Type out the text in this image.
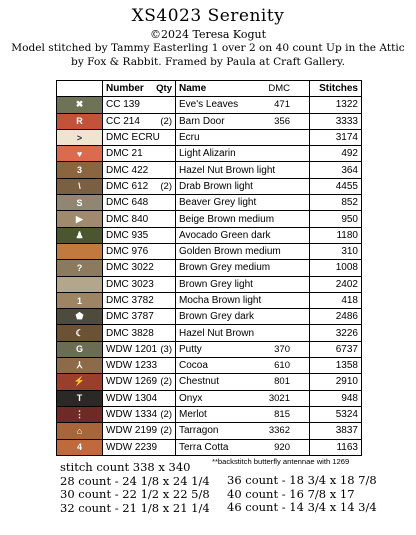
XS4023 Serenity
©2024 Teresa Kogut
Model stitched by Tammy Easterling 1 over 2 on 40 count Up in the Attic
by Fox & Rabbit. Framed by Paula at Craft Gallery.

	Number Qty	Name DMC	Stitches
✖	CC 139	Eve's Leaves 471	1322
R	CC 214 (2)	Barn Door 356	3333
>	DMC ECRU	Ecru	3174
♥	DMC 21	Light Alizarin	492
3	DMC 422	Hazel Nut Brown light	364
\	DMC 612 (2)	Drab Brown light	4455
S	DMC 648	Beaver Grey light	852
▶	DMC 840	Beige Brown medium	950
♟	DMC 935	Avocado Green dark	1180

	DMC 976	Golden Brown medium	310
?	DMC 3022	Brown Grey medium	1008

	DMC 3023	Brown Grey light	2402
1	DMC 3782	Mocha Brown light	418
⬟	DMC 3787	Brown Grey dark	2486
☾	DMC 3828	Hazel Nut Brown	3226
G	WDW 1201 (3)	Putty 370	6737
⅄	WDW 1233	Cocoa 610	1358
⚡	WDW 1269 (2)	Chestnut 801	2910
T	WDW 1304	Onyx 3021	948
⋮	WDW 1334 (2)	Merlot 815	5324
⌂	WDW 2199 (2)	Tarragon 3362	3837
4	WDW 2239	Terra Cotta 920	1163
**backstitch butterfly antennae with 1269
stitch count 338 x 340
28 count - 24 1/8 x 24 1/4
30 count - 22 1/2 x 22 5/8
32 count - 21 1/8 x 21 1/4
36 count - 18 3/4 x 18 7/8
40 count - 16 7/8 x 17
46 count - 14 3/4 x 14 3/4
